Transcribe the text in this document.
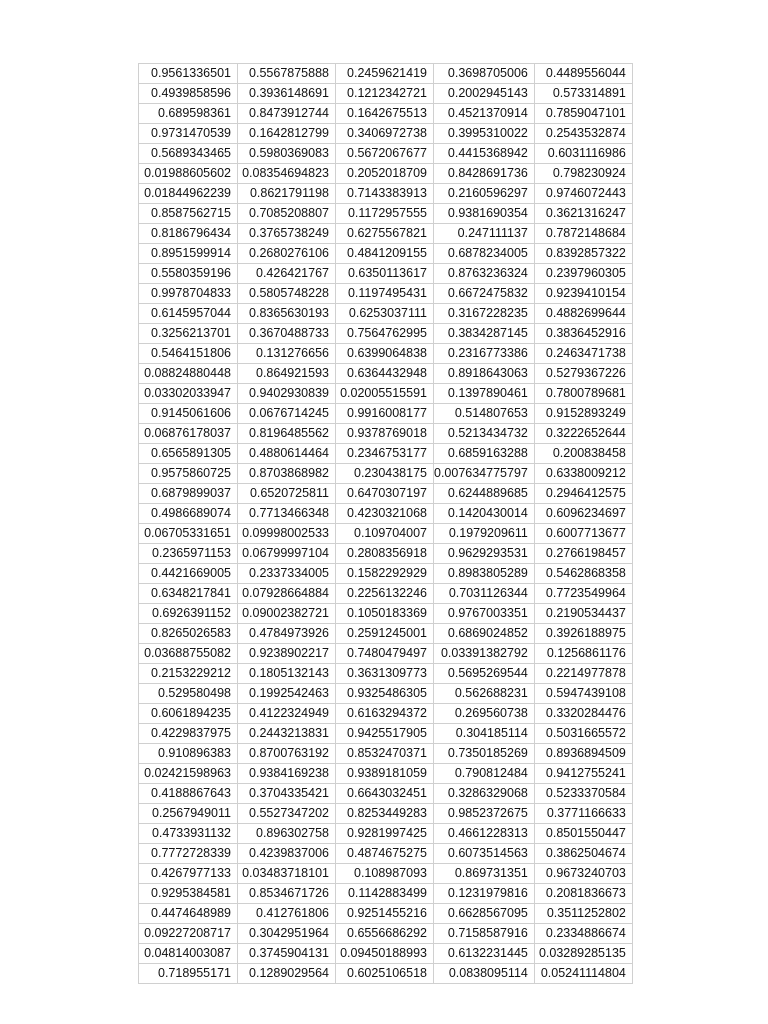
0.9561336501	0.5567875888	0.2459621419	0.3698705006	0.4489556044
0.4939858596	0.3936148691	0.1212342721	0.2002945143	0.573314891
0.689598361	0.8473912744	0.1642675513	0.4521370914	0.7859047101
0.9731470539	0.1642812799	0.3406972738	0.3995310022	0.2543532874
0.5689343465	0.5980369083	0.5672067677	0.4415368942	0.6031116986
0.01988605602	0.08354694823	0.2052018709	0.8428691736	0.798230924
0.01844962239	0.8621791198	0.7143383913	0.2160596297	0.9746072443
0.8587562715	0.7085208807	0.1172957555	0.9381690354	0.3621316247
0.8186796434	0.3765738249	0.6275567821	0.247111137	0.7872148684
0.8951599914	0.2680276106	0.4841209155	0.6878234005	0.8392857322
0.5580359196	0.426421767	0.6350113617	0.8763236324	0.2397960305
0.9978704833	0.5805748228	0.1197495431	0.6672475832	0.9239410154
0.6145957044	0.8365630193	0.6253037111	0.3167228235	0.4882699644
0.3256213701	0.3670488733	0.7564762995	0.3834287145	0.3836452916
0.5464151806	0.131276656	0.6399064838	0.2316773386	0.2463471738
0.08824880448	0.864921593	0.6364432948	0.8918643063	0.5279367226
0.03302033947	0.9402930839	0.02005515591	0.1397890461	0.7800789681
0.9145061606	0.0676714245	0.9916008177	0.514807653	0.9152893249
0.06876178037	0.8196485562	0.9378769018	0.5213434732	0.3222652644
0.6565891305	0.4880614464	0.2346753177	0.6859163288	0.200838458
0.9575860725	0.8703868982	0.230438175	0.007634775797	0.6338009212
0.6879899037	0.6520725811	0.6470307197	0.6244889685	0.2946412575
0.4986689074	0.7713466348	0.4230321068	0.1420430014	0.6096234697
0.06705331651	0.09998002533	0.109704007	0.1979209611	0.6007713677
0.2365971153	0.06799997104	0.2808356918	0.9629293531	0.2766198457
0.4421669005	0.2337334005	0.1582292929	0.8983805289	0.5462868358
0.6348217841	0.07928664884	0.2256132246	0.7031126344	0.7723549964
0.6926391152	0.09002382721	0.1050183369	0.9767003351	0.2190534437
0.8265026583	0.4784973926	0.2591245001	0.6869024852	0.3926188975
0.03688755082	0.9238902217	0.7480479497	0.03391382792	0.1256861176
0.2153229212	0.1805132143	0.3631309773	0.5695269544	0.2214977878
0.529580498	0.1992542463	0.9325486305	0.562688231	0.5947439108
0.6061894235	0.4122324949	0.6163294372	0.269560738	0.3320284476
0.4229837975	0.2443213831	0.9425517905	0.304185114	0.5031665572
0.910896383	0.8700763192	0.8532470371	0.7350185269	0.8936894509
0.02421598963	0.9384169238	0.9389181059	0.790812484	0.9412755241
0.4188867643	0.3704335421	0.6643032451	0.3286329068	0.5233370584
0.2567949011	0.5527347202	0.8253449283	0.9852372675	0.3771166633
0.4733931132	0.896302758	0.9281997425	0.4661228313	0.8501550447
0.7772728339	0.4239837006	0.4874675275	0.6073514563	0.3862504674
0.4267977133	0.03483718101	0.108987093	0.869731351	0.9673240703
0.9295384581	0.8534671726	0.1142883499	0.1231979816	0.2081836673
0.4474648989	0.412761806	0.9251455216	0.6628567095	0.3511252802
0.09227208717	0.3042951964	0.6556686292	0.7158587916	0.2334886674
0.04814003087	0.3745904131	0.09450188993	0.6132231445	0.03289285135
0.718955171	0.1289029564	0.6025106518	0.0838095114	0.05241114804
